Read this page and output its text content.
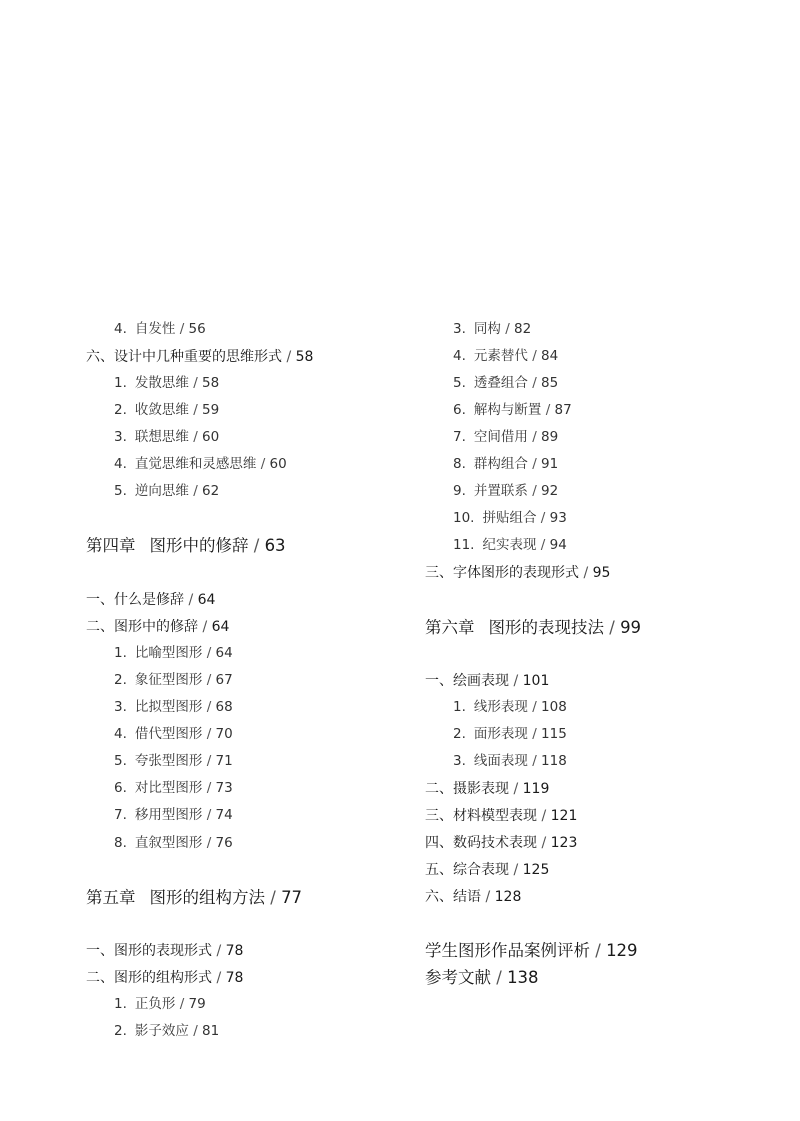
4. 自发性 / 56
六、设计中几种重要的思维形式 / 58
1. 发散思维 / 58
2. 收敛思维 / 59
3. 联想思维 / 60
4. 直觉思维和灵感思维 / 60
5. 逆向思维 / 62
第四章 图形中的修辞 / 63
一、什么是修辞 / 64
二、图形中的修辞 / 64
1. 比喻型图形 / 64
2. 象征型图形 / 67
3. 比拟型图形 / 68
4. 借代型图形 / 70
5. 夸张型图形 / 71
6. 对比型图形 / 73
7. 移用型图形 / 74
8. 直叙型图形 / 76
第五章 图形的组构方法 / 77
一、图形的表现形式 / 78
二、图形的组构形式 / 78
1. 正负形 / 79
2. 影子效应 / 81
3. 同构 / 82
4. 元素替代 / 84
5. 透叠组合 / 85
6. 解构与断置 / 87
7. 空间借用 / 89
8. 群构组合 / 91
9. 并置联系 / 92
10. 拼贴组合 / 93
11. 纪实表现 / 94
三、字体图形的表现形式 / 95
第六章 图形的表现技法 / 99
一、绘画表现 / 101
1. 线形表现 / 108
2. 面形表现 / 115
3. 线面表现 / 118
二、摄影表现 / 119
三、材料模型表现 / 121
四、数码技术表现 / 123
五、综合表现 / 125
六、结语 / 128
学生图形作品案例评析 / 129
参考文献 / 138
